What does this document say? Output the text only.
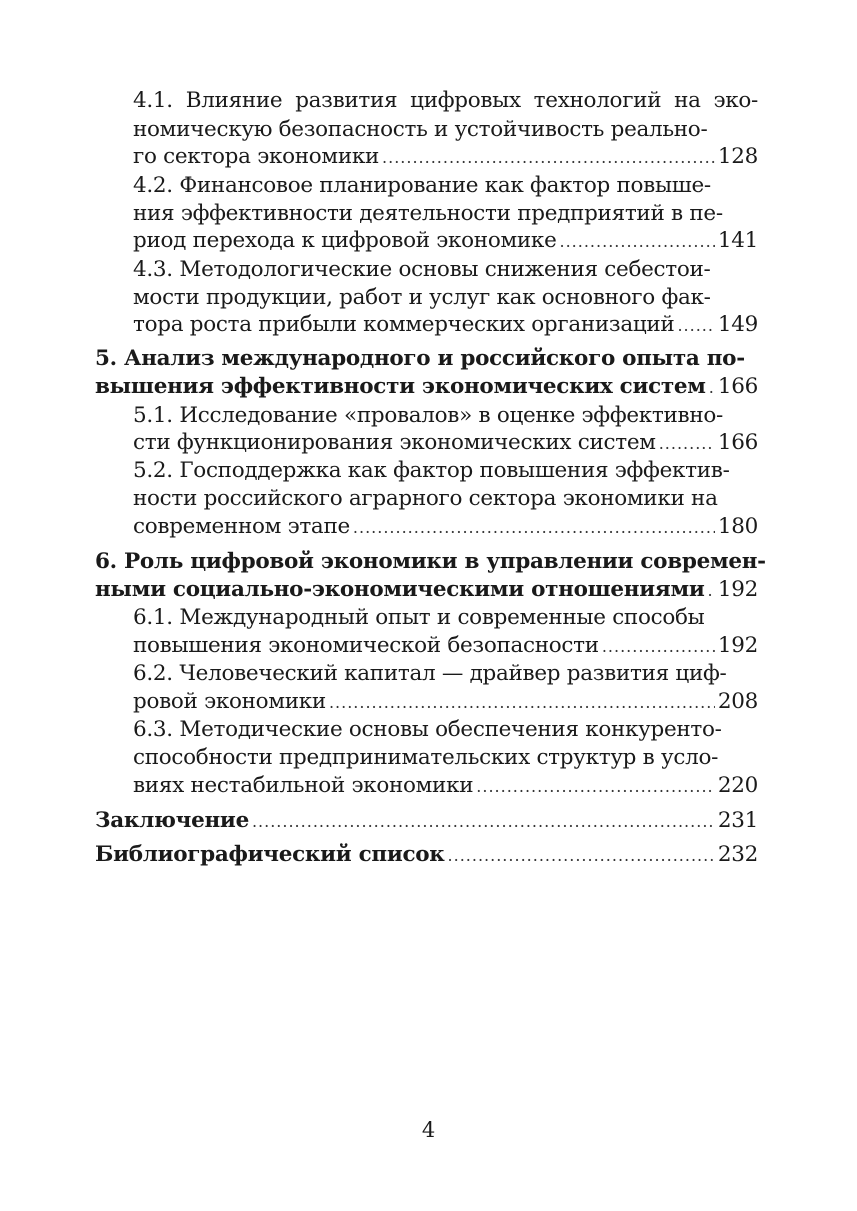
4.1. Влияние развития цифровых технологий на эко-
номическую безопасность и устойчивость реально-
го сектора экономики .....	128
4.2. Финансовое планирование как фактор повыше-
ния эффективности деятельности предприятий в пе-
риод перехода к цифровой экономике .....	141
4.3. Методологические основы снижения себестои-
мости продукции, работ и услуг как основного фак-
тора роста прибыли коммерческих организаций ..... 149
5. Анализ международного и российского опыта по-
вышения эффективности экономических систем ..... 166
5.1. Исследование «провалов» в оценке эффективно-
сти функционирования экономических систем .....	166
5.2. Господдержка как фактор повышения эффектив-
ности российского аграрного сектора экономики на
современном этапе .....	180
6. Роль цифровой экономики в управлении современ-
ными социально-экономическими отношениями ..... 192
6.1. Международный опыт и современные способы
повышения экономической безопасности .....	192
6.2. Человеческий капитал — драйвер развития циф-
ровой экономики .....	208
6.3. Методические основы обеспечения конкуренто-
способности предпринимательских структур в усло-
виях нестабильной экономики .....	220
Заключение .....	231
Библиографический список .....	232
4
